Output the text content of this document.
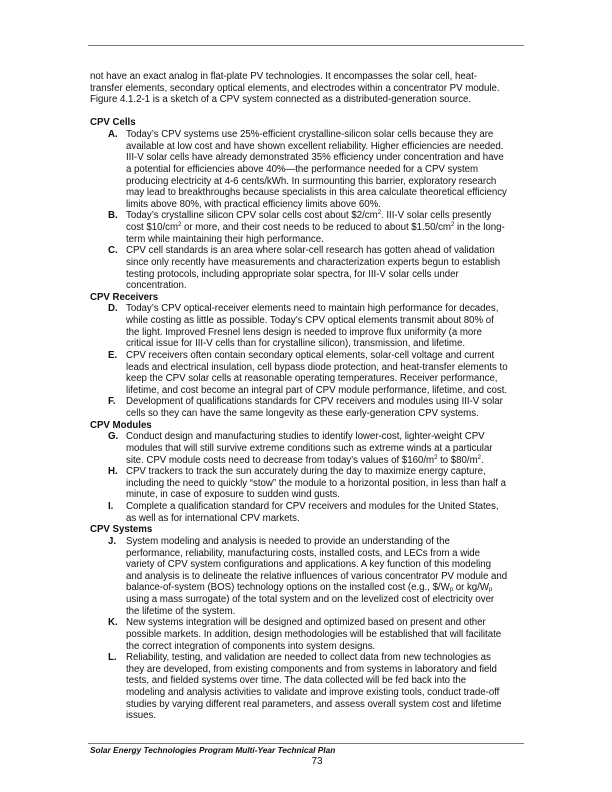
not have an exact analog in flat-plate PV technologies. It encompasses the solar cell, heat-
transfer elements, secondary optical elements, and electrodes within a concentrator PV module.
Figure 4.1.2-1 is a sketch of a CPV system connected as a distributed-generation source.

CPV Cells

A. Today’s CPV systems use 25%-efficient crystalline-silicon solar cells because they are
available at low cost and have shown excellent reliability. Higher efficiencies are needed.
III-V solar cells have already demonstrated 35% efficiency under concentration and have
a potential for efficiencies above 40%—the performance needed for a CPV system
producing electricity at 4-6 cents/kWh. In surmounting this barrier, exploratory research
may lead to breakthroughs because specialists in this area calculate theoretical efficiency
limits above 80%, with practical efficiency limits above 60%.
B. Today’s crystalline silicon CPV solar cells cost about $\$2/cm^2$. III-V solar cells presently
cost $\$10/cm^2$ or more, and their cost needs to be reduced to about $\$1.50/cm^2$ in the long-
term while maintaining their high performance.
C. CPV cell standards is an area where solar-cell research has gotten ahead of validation
since only recently have measurements and characterization experts begun to establish
testing protocols, including appropriate solar spectra, for III-V solar cells under
concentration.

CPV Receivers

D. Today’s CPV optical-receiver elements need to maintain high performance for decades,
while costing as little as possible. Today’s CPV optical elements transmit about 80% of
the light. Improved Fresnel lens design is needed to improve flux uniformity (a more
critical issue for III-V cells than for crystalline silicon), transmission, and lifetime.
E. CPV receivers often contain secondary optical elements, solar-cell voltage and current
leads and electrical insulation, cell bypass diode protection, and heat-transfer elements to
keep the CPV solar cells at reasonable operating temperatures. Receiver performance,
lifetime, and cost become an integral part of CPV module performance, lifetime, and cost.
F. Development of qualifications standards for CPV receivers and modules using III-V solar
cells so they can have the same longevity as these early-generation CPV systems.

CPV Modules

G. Conduct design and manufacturing studies to identify lower-cost, lighter-weight CPV
modules that will still survive extreme conditions such as extreme winds at a particular
site. CPV module costs need to decrease from today’s values of $\$160/m^2$ to $\$80/m^2$.
H. CPV trackers to track the sun accurately during the day to maximize energy capture,
including the need to quickly “stow” the module to a horizontal position, in less than half a
minute, in case of exposure to sudden wind gusts.
I. Complete a qualification standard for CPV receivers and modules for the United States,
as well as for international CPV markets.

CPV Systems

J. System modeling and analysis is needed to provide an understanding of the
performance, reliability, manufacturing costs, installed costs, and LECs from a wide
variety of CPV system configurations and applications. A key function of this modeling
and analysis is to delineate the relative influences of various concentrator PV module and
balance-of-system (BOS) technology options on the installed cost (e.g., $\$/W_p$ or $kg/W_p$
using a mass surrogate) of the total system and on the levelized cost of electricity over
the lifetime of the system.
K. New systems integration will be designed and optimized based on present and other
possible markets. In addition, design methodologies will be established that will facilitate
the correct integration of components into system designs.
L. Reliability, testing, and validation are needed to collect data from new technologies as
they are developed, from existing components and from systems in laboratory and field
tests, and fielded systems over time. The data collected will be fed back into the
modeling and analysis activities to validate and improve existing tools, conduct trade-off
studies by varying different real parameters, and assess overall system cost and lifetime
issues.
Solar Energy Technologies Program Multi-Year Technical Plan
73
